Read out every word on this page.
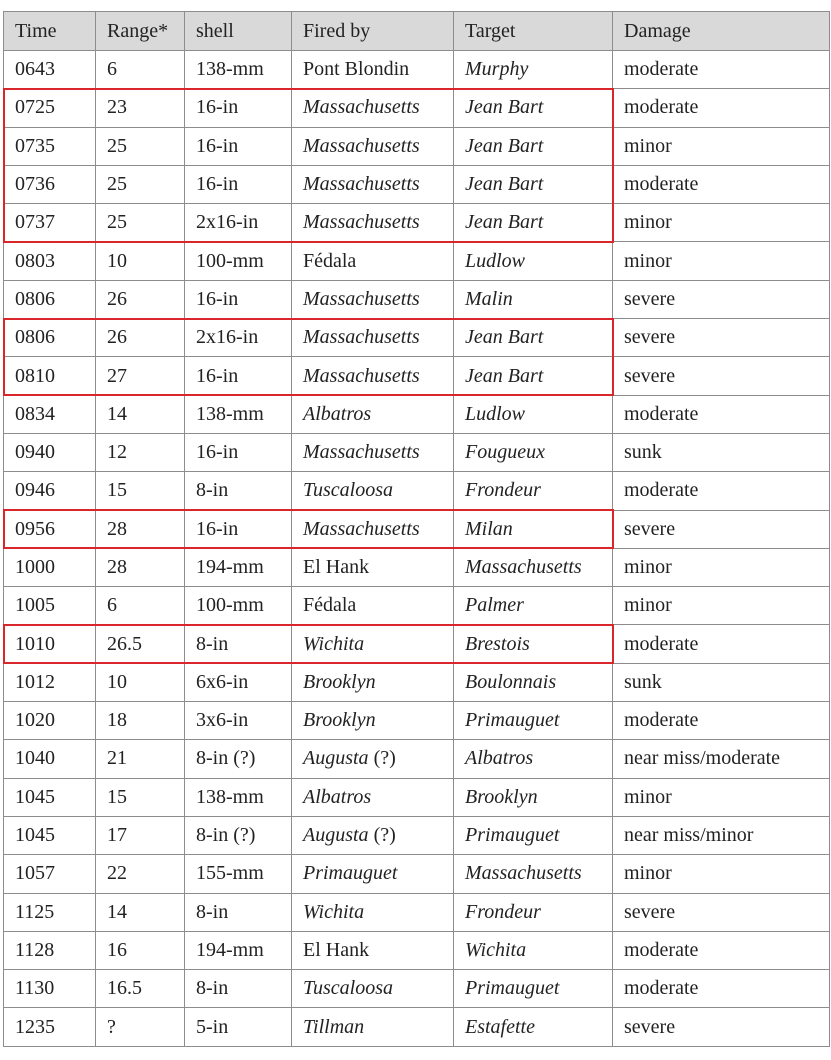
Time	Range*	shell	Fired by	Target	Damage
0643	6	138-mm	Pont Blondin	Murphy	moderate
0725	23	16-in	Massachusetts	Jean Bart	moderate
0735	25	16-in	Massachusetts	Jean Bart	minor
0736	25	16-in	Massachusetts	Jean Bart	moderate
0737	25	2x16-in	Massachusetts	Jean Bart	minor
0803	10	100-mm	Fédala	Ludlow	minor
0806	26	16-in	Massachusetts	Malin	severe
0806	26	2x16-in	Massachusetts	Jean Bart	severe
0810	27	16-in	Massachusetts	Jean Bart	severe
0834	14	138-mm	Albatros	Ludlow	moderate
0940	12	16-in	Massachusetts	Fougueux	sunk
0946	15	8-in	Tuscaloosa	Frondeur	moderate
0956	28	16-in	Massachusetts	Milan	severe
1000	28	194-mm	El Hank	Massachusetts	minor
1005	6	100-mm	Fédala	Palmer	minor
1010	26.5	8-in	Wichita	Brestois	moderate
1012	10	6x6-in	Brooklyn	Boulonnais	sunk
1020	18	3x6-in	Brooklyn	Primauguet	moderate
1040	21	8-in (?)	Augusta (?)	Albatros	near miss/moderate
1045	15	138-mm	Albatros	Brooklyn	minor
1045	17	8-in (?)	Augusta (?)	Primauguet	near miss/minor
1057	22	155-mm	Primauguet	Massachusetts	minor
1125	14	8-in	Wichita	Frondeur	severe
1128	16	194-mm	El Hank	Wichita	moderate
1130	16.5	8-in	Tuscaloosa	Primauguet	moderate
1235	?	5-in	Tillman	Estafette	severe
